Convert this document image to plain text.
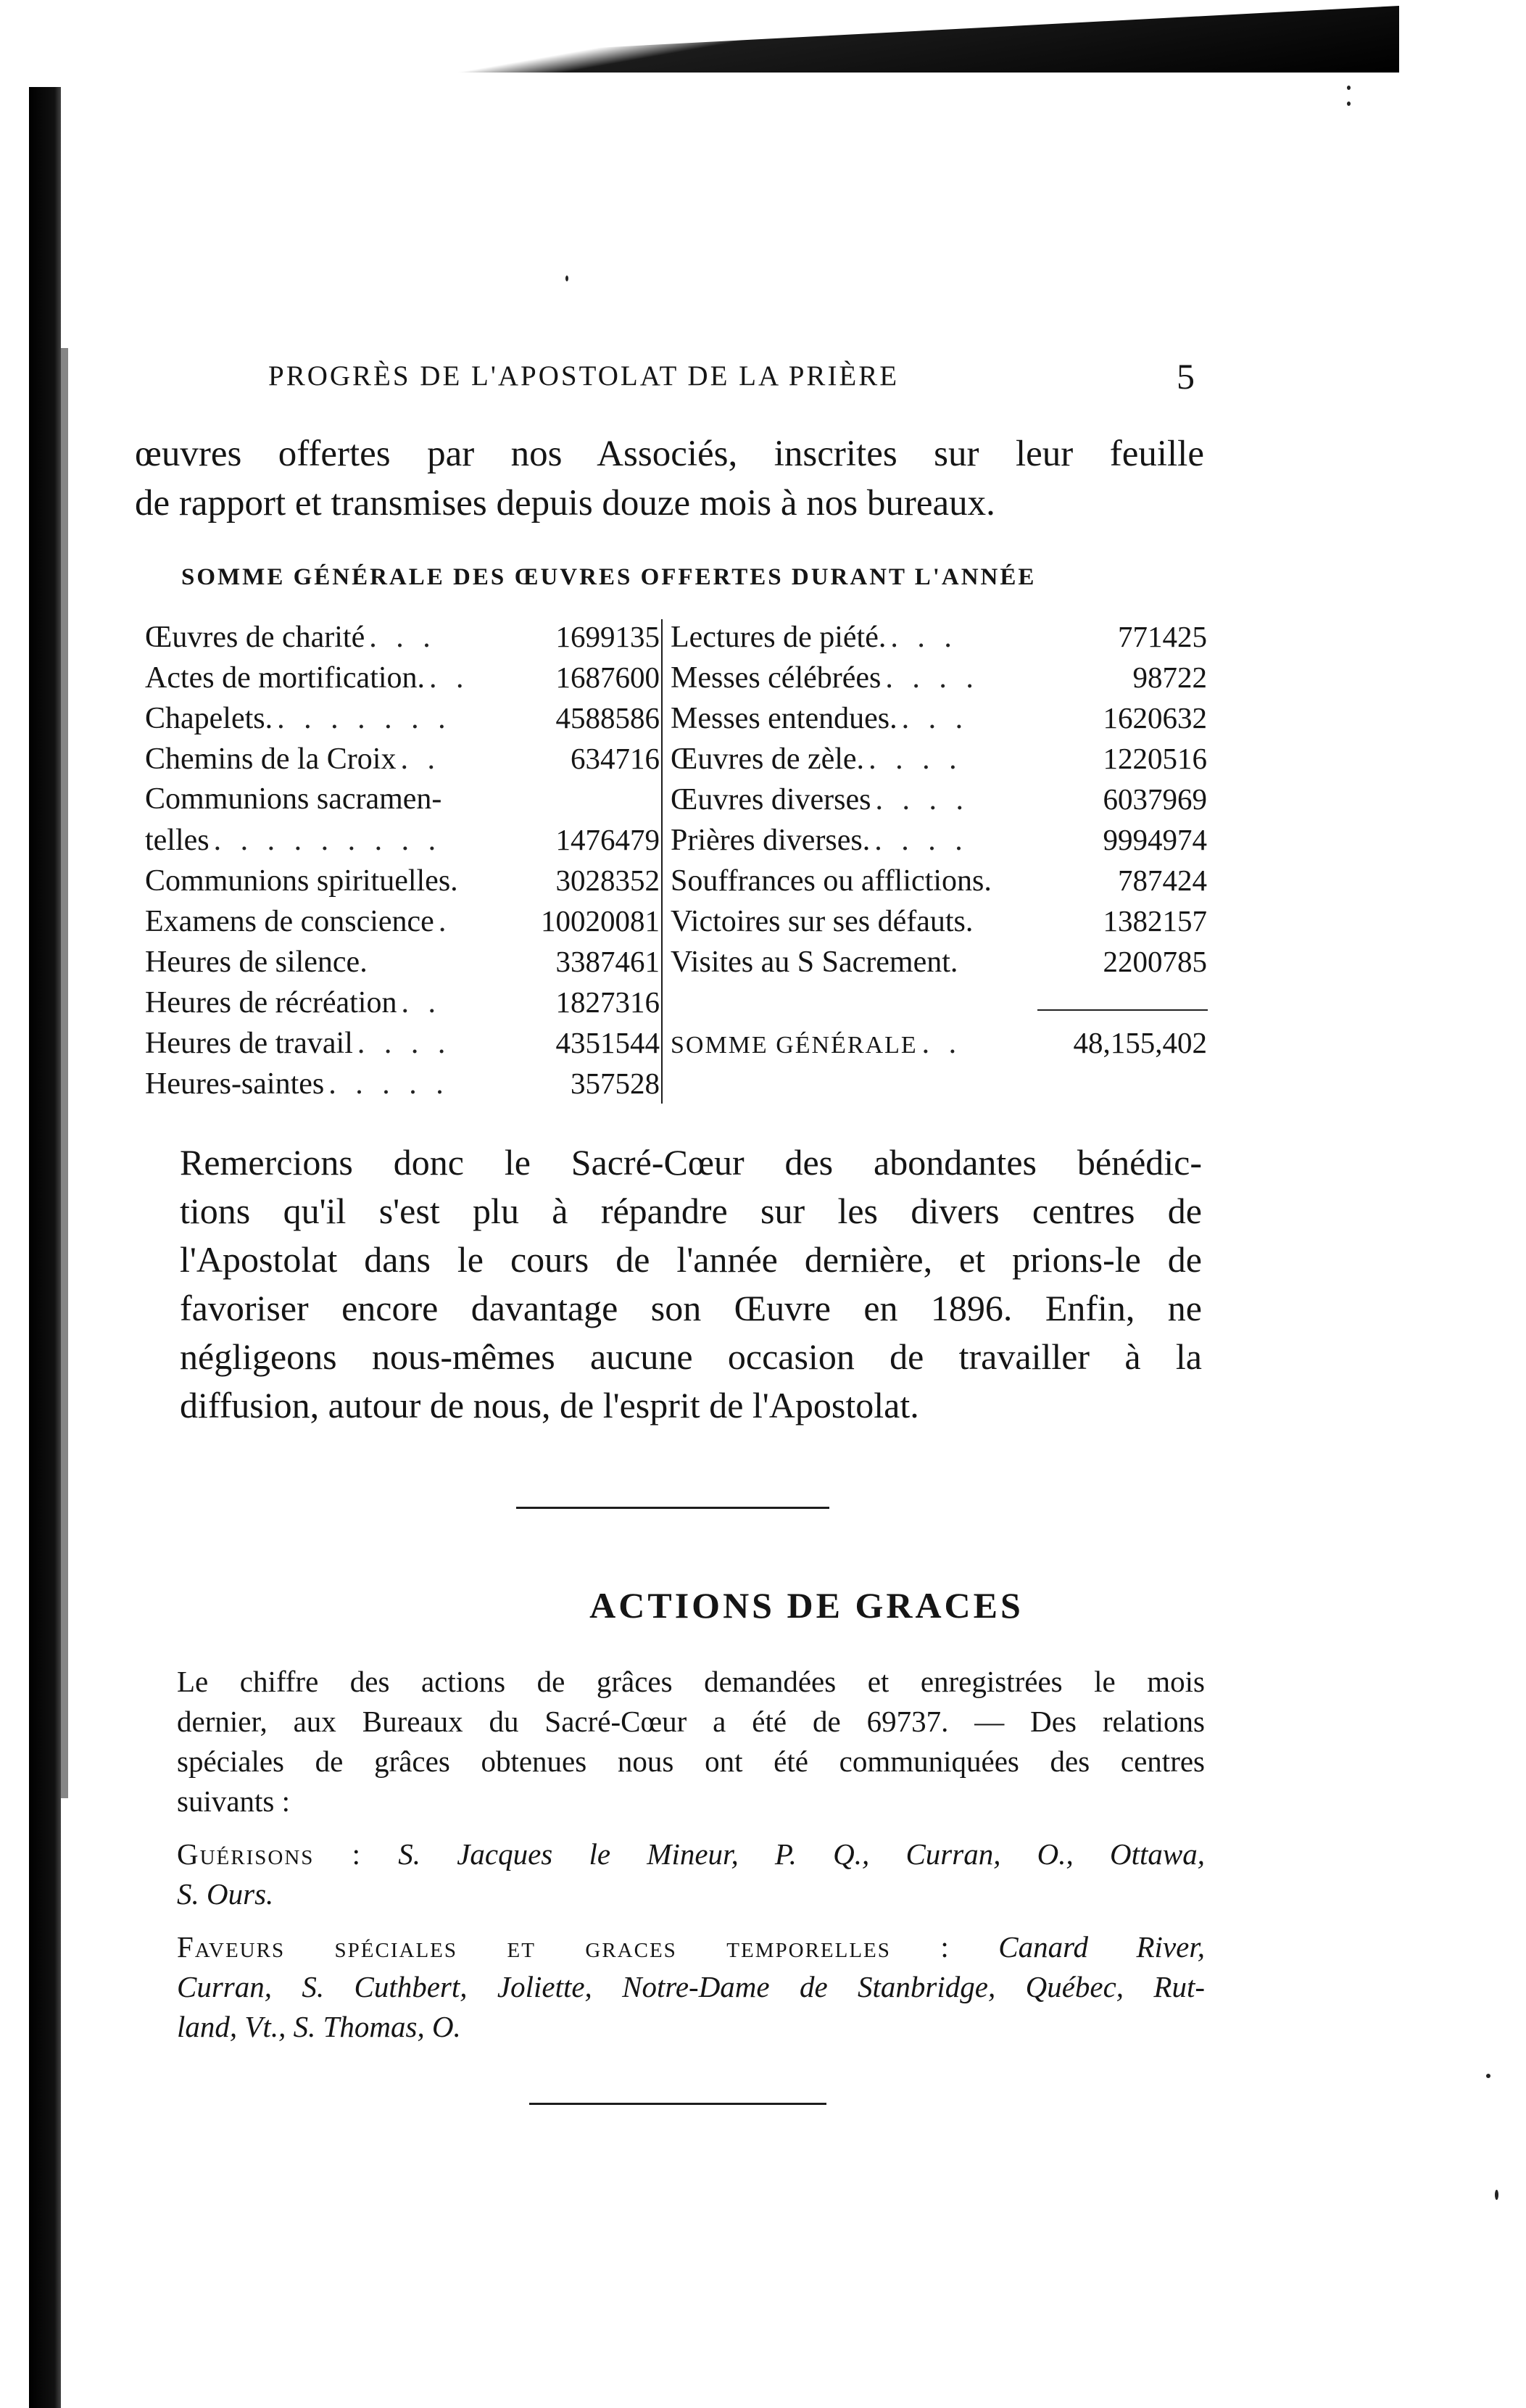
PROGRÈS DE L'APOSTOLAT DE LA PRIÈRE	5

œuvres offertes par nos Associés, inscrites sur leur feuille
de rapport et transmises depuis douze mois à nos bureaux.

SOMME GÉNÉRALE DES ŒUVRES OFFERTES DURANT L'ANNÉE
Œuvres de charité . . .	1699135
Actes de mortification. . .	1687600
Chapelets. . . . . . . .	4588586
Chemins de la Croix . .	634716
Communions sacramen-
telles . . . . . . . . .	1476479
Communions spirituelles.	3028352
Examens de conscience .	10020081
Heures de silence.	3387461
Heures de récréation . .	1827316
Heures de travail . . . .	4351544
Heures-saintes . . . . .	357528
Lectures de piété. . . .	771425
Messes célébrées . . . .	98722
Messes entendues. . . .	1620632
Œuvres de zèle. . . . .	1220516
Œuvres diverses . . . .	6037969
Prières diverses. . . . .	9994974
Souffrances ou afflictions.	787424
Victoires sur ses défauts.	1382157
Visites au S Sacrement.	2200785
SOMME GÉNÉRALE . .	48,155,402

Remercions donc le Sacré-Cœur des abondantes bénédic-
tions qu'il s'est plu à répandre sur les divers centres de
l'Apostolat dans le cours de l'année dernière, et prions-le de
favoriser encore davantage son Œuvre en 1896. Enfin, ne
négligeons nous-mêmes aucune occasion de travailler à la
diffusion, autour de nous, de l'esprit de l'Apostolat.

ACTIONS DE GRACES

Le chiffre des actions de grâces demandées et enregistrées le mois
dernier, aux Bureaux du Sacré-Cœur a été de 69737. — Des relations
spéciales de grâces obtenues nous ont été communiquées des centres
suivants :

Guérisons : S. Jacques le Mineur, P. Q., Curran, O., Ottawa,
S. Ours.

Faveurs spéciales et graces temporelles : Canard River,
Curran, S. Cuthbert, Joliette, Notre-Dame de Stanbridge, Québec, Rut-
land, Vt., S. Thomas, O.
